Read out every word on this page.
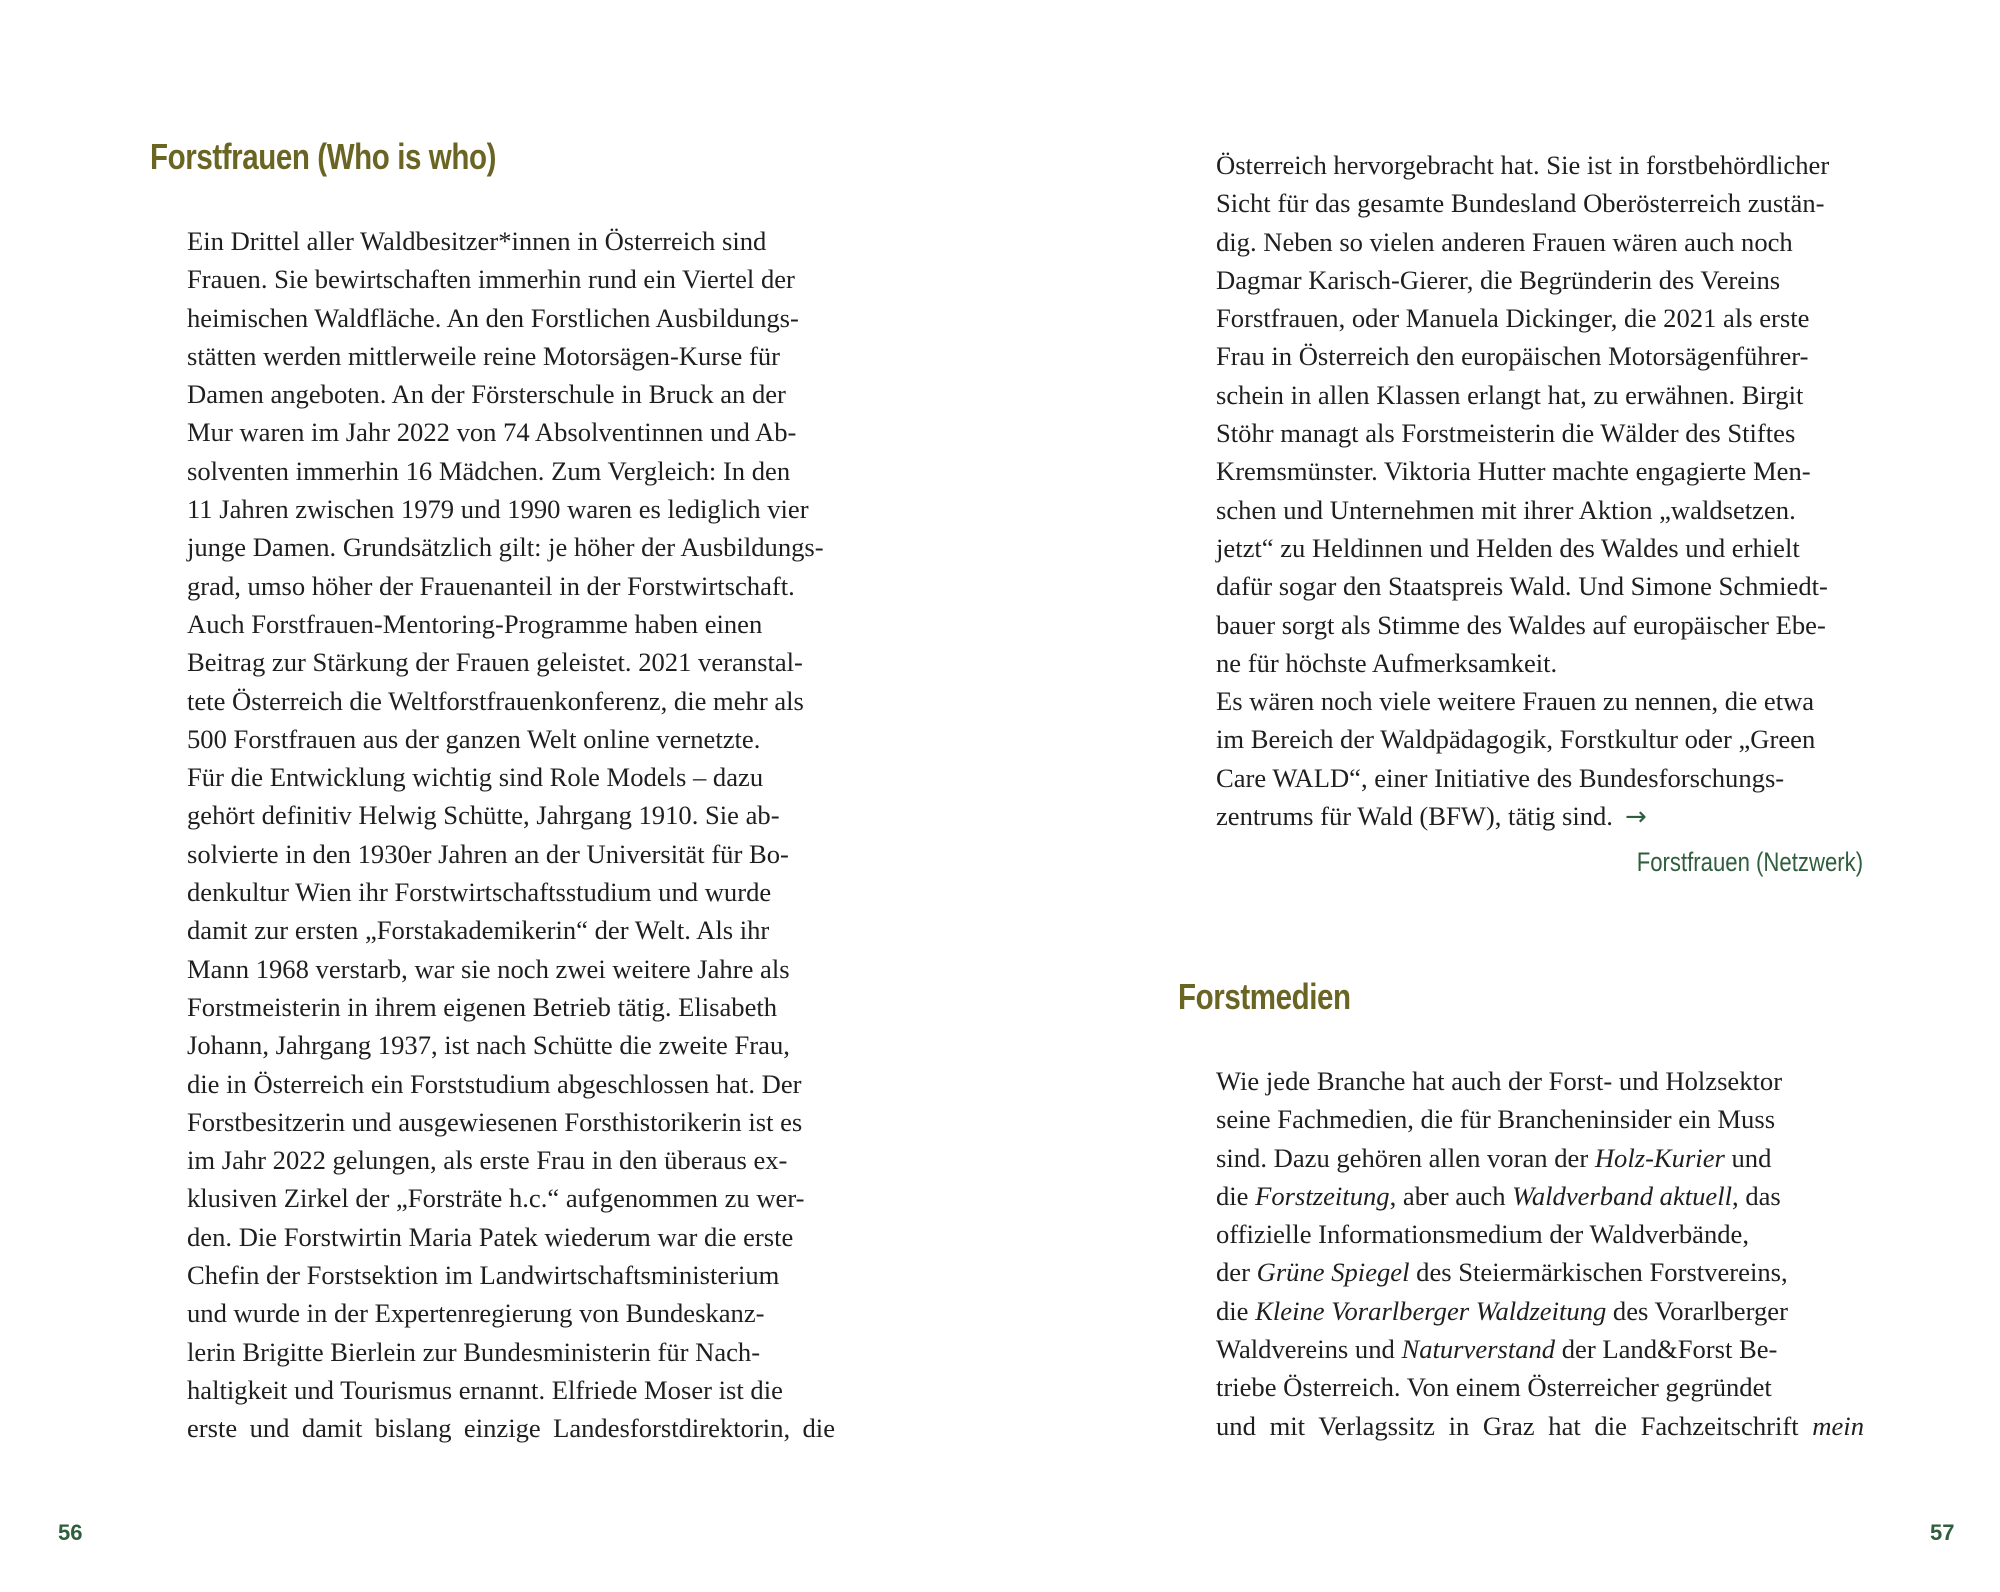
Forstfrauen (Who is who)

Ein Drittel aller Waldbesitzer*innen in Österreich sind

Frauen. Sie bewirtschaften immerhin rund ein Viertel der

heimischen Waldfläche. An den Forstlichen Ausbildungs-

stätten werden mittlerweile reine Motorsägen-Kurse für

Damen angeboten. An der Försterschule in Bruck an der

Mur waren im Jahr 2022 von 74 Absolventinnen und Ab-

solventen immerhin 16 Mädchen. Zum Vergleich: In den

11 Jahren zwischen 1979 und 1990 waren es lediglich vier

junge Damen. Grundsätzlich gilt: je höher der Ausbildungs-

grad, umso höher der Frauenanteil in der Forstwirtschaft.

Auch Forstfrauen-Mentoring-Programme haben einen

Beitrag zur Stärkung der Frauen geleistet. 2021 veranstal-

tete Österreich die Weltforstfrauenkonferenz, die mehr als

500 Forstfrauen aus der ganzen Welt online vernetzte.

Für die Entwicklung wichtig sind Role Models – dazu

gehört definitiv Helwig Schütte, Jahrgang 1910. Sie ab-

solvierte in den 1930er Jahren an der Universität für Bo-

denkultur Wien ihr Forstwirtschaftsstudium und wurde

damit zur ersten „Forstakademikerin“ der Welt. Als ihr

Mann 1968 verstarb, war sie noch zwei weitere Jahre als

Forstmeisterin in ihrem eigenen Betrieb tätig. Elisabeth

Johann, Jahrgang 1937, ist nach Schütte die zweite Frau,

die in Österreich ein Forststudium abgeschlossen hat. Der

Forstbesitzerin und ausgewiesenen Forsthistorikerin ist es

im Jahr 2022 gelungen, als erste Frau in den überaus ex-

klusiven Zirkel der „Forsträte h.c.“ aufgenommen zu wer-

den. Die Forstwirtin Maria Patek wiederum war die erste

Chefin der Forstsektion im Landwirtschaftsministerium

und wurde in der Expertenregierung von Bundeskanz-

lerin Brigitte Bierlein zur Bundesministerin für Nach-

haltigkeit und Tourismus ernannt. Elfriede Moser ist die

erste und damit bislang einzige Landesforstdirektorin, die

56

Österreich hervorgebracht hat. Sie ist in forstbehördlicher

Sicht für das gesamte Bundesland Oberösterreich zustän-

dig. Neben so vielen anderen Frauen wären auch noch

Dagmar Karisch-Gierer, die Begründerin des Vereins

Forstfrauen, oder Manuela Dickinger, die 2021 als erste

Frau in Österreich den europäischen Motorsägenführer-

schein in allen Klassen erlangt hat, zu erwähnen. Birgit

Stöhr managt als Forstmeisterin die Wälder des Stiftes

Kremsmünster. Viktoria Hutter machte engagierte Men-

schen und Unternehmen mit ihrer Aktion „waldsetzen.

jetzt“ zu Heldinnen und Helden des Waldes und erhielt

dafür sogar den Staatspreis Wald. Und Simone Schmiedt-

bauer sorgt als Stimme des Waldes auf europäischer Ebe-

ne für höchste Aufmerksamkeit.

Es wären noch viele weitere Frauen zu nennen, die etwa

im Bereich der Waldpädagogik, Forstkultur oder „Green

Care WALD“, einer Initiative des Bundesforschungs-

zentrums für Wald (BFW), tätig sind. →

Forstfrauen (Netzwerk)
Forstmedien

Wie jede Branche hat auch der Forst- und Holzsektor

seine Fachmedien, die für Brancheninsider ein Muss

sind. Dazu gehören allen voran der Holz-Kurier und

die Forstzeitung, aber auch Waldverband aktuell, das

offizielle Informationsmedium der Waldverbände,

der Grüne Spiegel des Steiermärkischen Forstvereins,

die Kleine Vorarlberger Waldzeitung des Vorarlberger

Waldvereins und Naturverstand der Land&Forst Be-

triebe Österreich. Von einem Österreicher gegründet

und mit Verlagssitz in Graz hat die Fachzeitschrift mein

57
